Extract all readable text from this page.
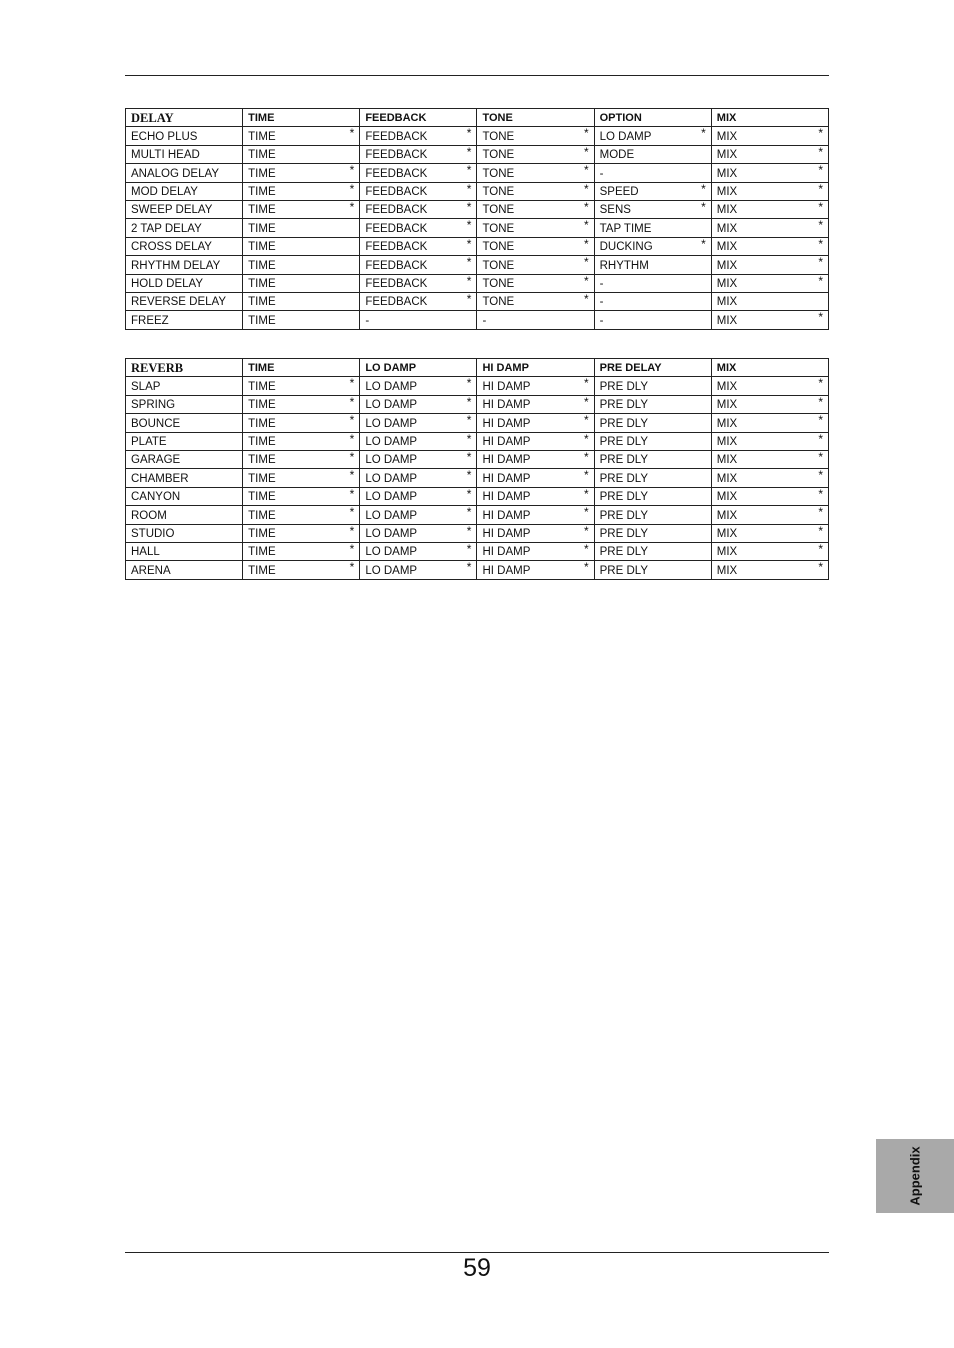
DELAY	TIME	FEEDBACK	TONE	OPTION	MIX
ECHO PLUS	TIME *	FEEDBACK *	TONE *	LO DAMP *	MIX *

MULTI HEAD	TIME	FEEDBACK *	TONE *	MODE	MIX *

ANALOG DELAY	TIME *	FEEDBACK *	TONE *	-	MIX *

MOD DELAY	TIME *	FEEDBACK *	TONE *	SPEED *	MIX *

SWEEP DELAY	TIME *	FEEDBACK *	TONE *	SENS *	MIX *

2 TAP DELAY	TIME	FEEDBACK *	TONE *	TAP TIME	MIX *

CROSS DELAY	TIME	FEEDBACK *	TONE *	DUCKING *	MIX *

RHYTHM DELAY	TIME	FEEDBACK *	TONE *	RHYTHM	MIX *

HOLD DELAY	TIME	FEEDBACK *	TONE *	-	MIX *

REVERSE DELAY	TIME	FEEDBACK *	TONE *	-	MIX
FREEZ	TIME	-	-	-	MIX *
REVERB	TIME	LO DAMP	HI DAMP	PRE DELAY	MIX
SLAP	TIME *	LO DAMP *	HI DAMP *	PRE DLY	MIX *

SPRING	TIME *	LO DAMP *	HI DAMP *	PRE DLY	MIX *

BOUNCE	TIME *	LO DAMP *	HI DAMP *	PRE DLY	MIX *

PLATE	TIME *	LO DAMP *	HI DAMP *	PRE DLY	MIX *

GARAGE	TIME *	LO DAMP *	HI DAMP *	PRE DLY	MIX *

CHAMBER	TIME *	LO DAMP *	HI DAMP *	PRE DLY	MIX *

CANYON	TIME *	LO DAMP *	HI DAMP *	PRE DLY	MIX *

ROOM	TIME *	LO DAMP *	HI DAMP *	PRE DLY	MIX *

STUDIO	TIME *	LO DAMP *	HI DAMP *	PRE DLY	MIX *

HALL	TIME *	LO DAMP *	HI DAMP *	PRE DLY	MIX *

ARENA	TIME *	LO DAMP *	HI DAMP *	PRE DLY	MIX *
Appendix
59
